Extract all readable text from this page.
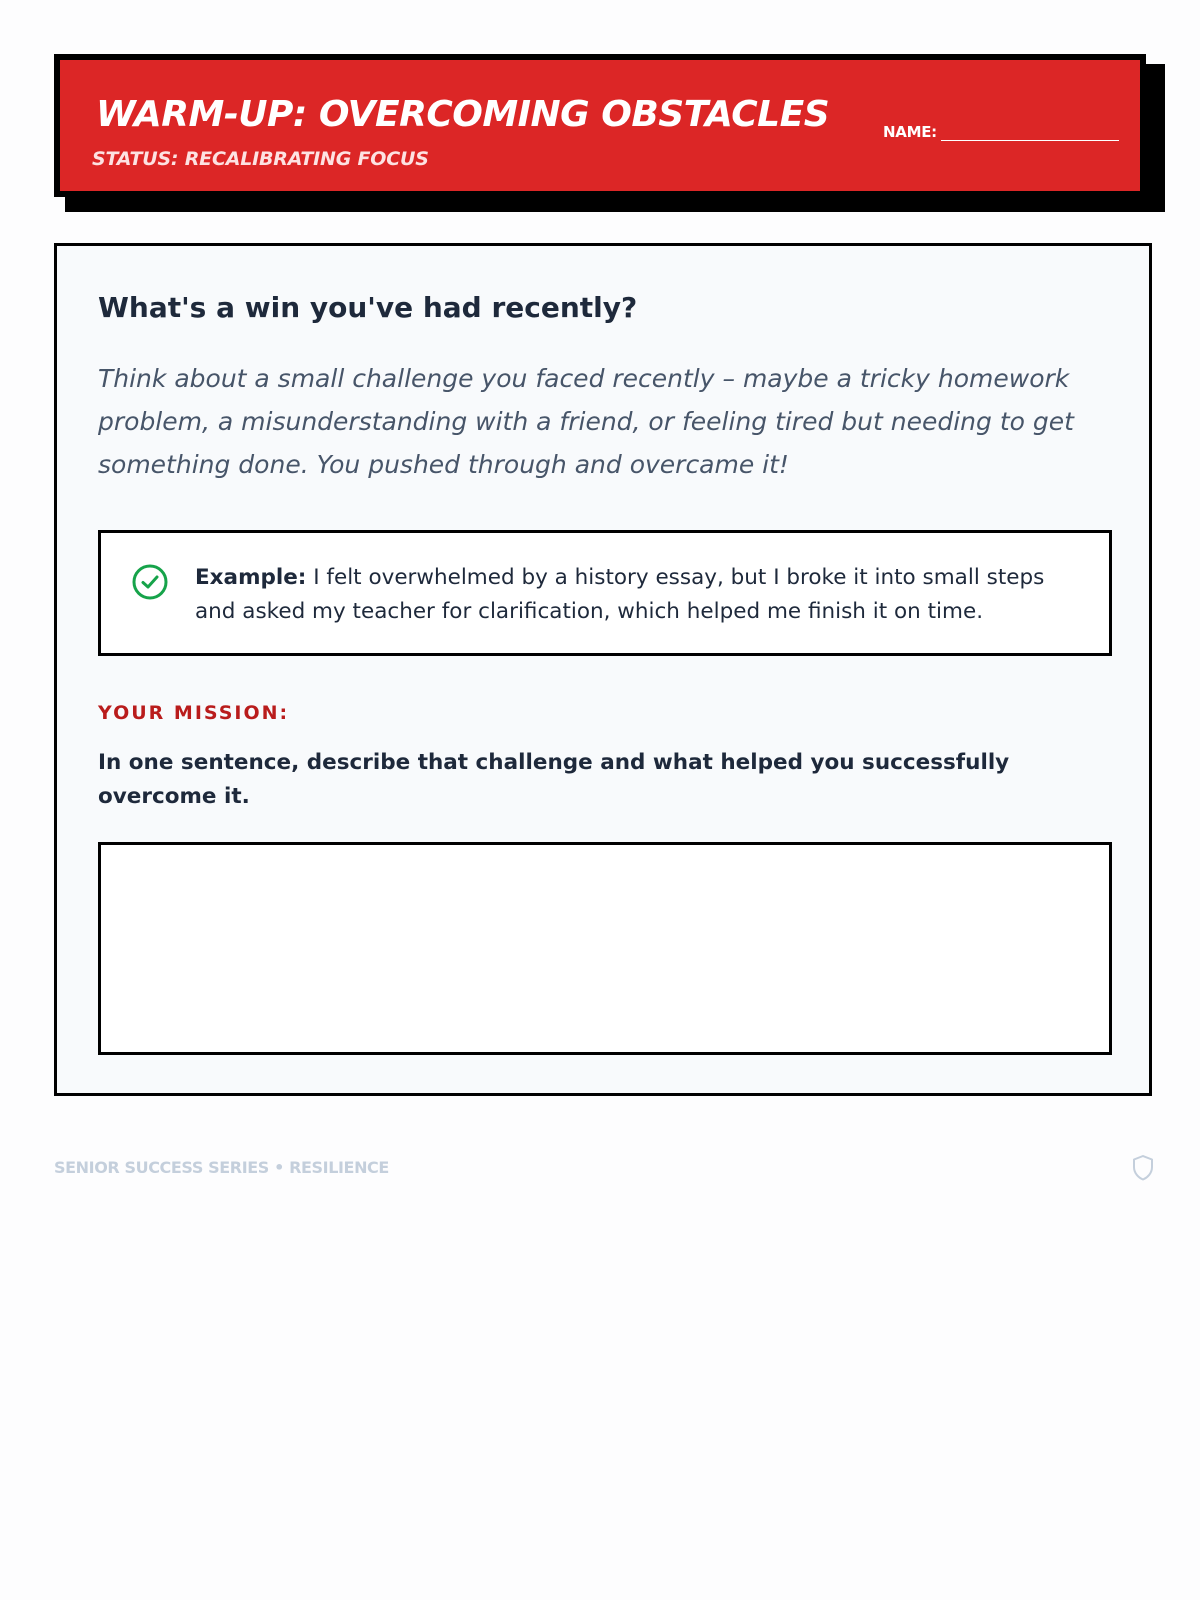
WARM-UP: OVERCOMING OBSTACLES	NAME:

STATUS: RECALIBRATING FOCUS

What's a win you've had recently?

Think about a small challenge you faced recently – maybe a tricky homework problem, a misunderstanding with a friend, or feeling tired but needing to get something done. You pushed through and overcame it!

Example: I felt overwhelmed by a history essay, but I broke it into small steps and asked my teacher for clarification, which helped me finish it on time.

YOUR MISSION:

In one sentence, describe that challenge and what helped you successfully overcome it.

SENIOR SUCCESS SERIES • RESILIENCE
